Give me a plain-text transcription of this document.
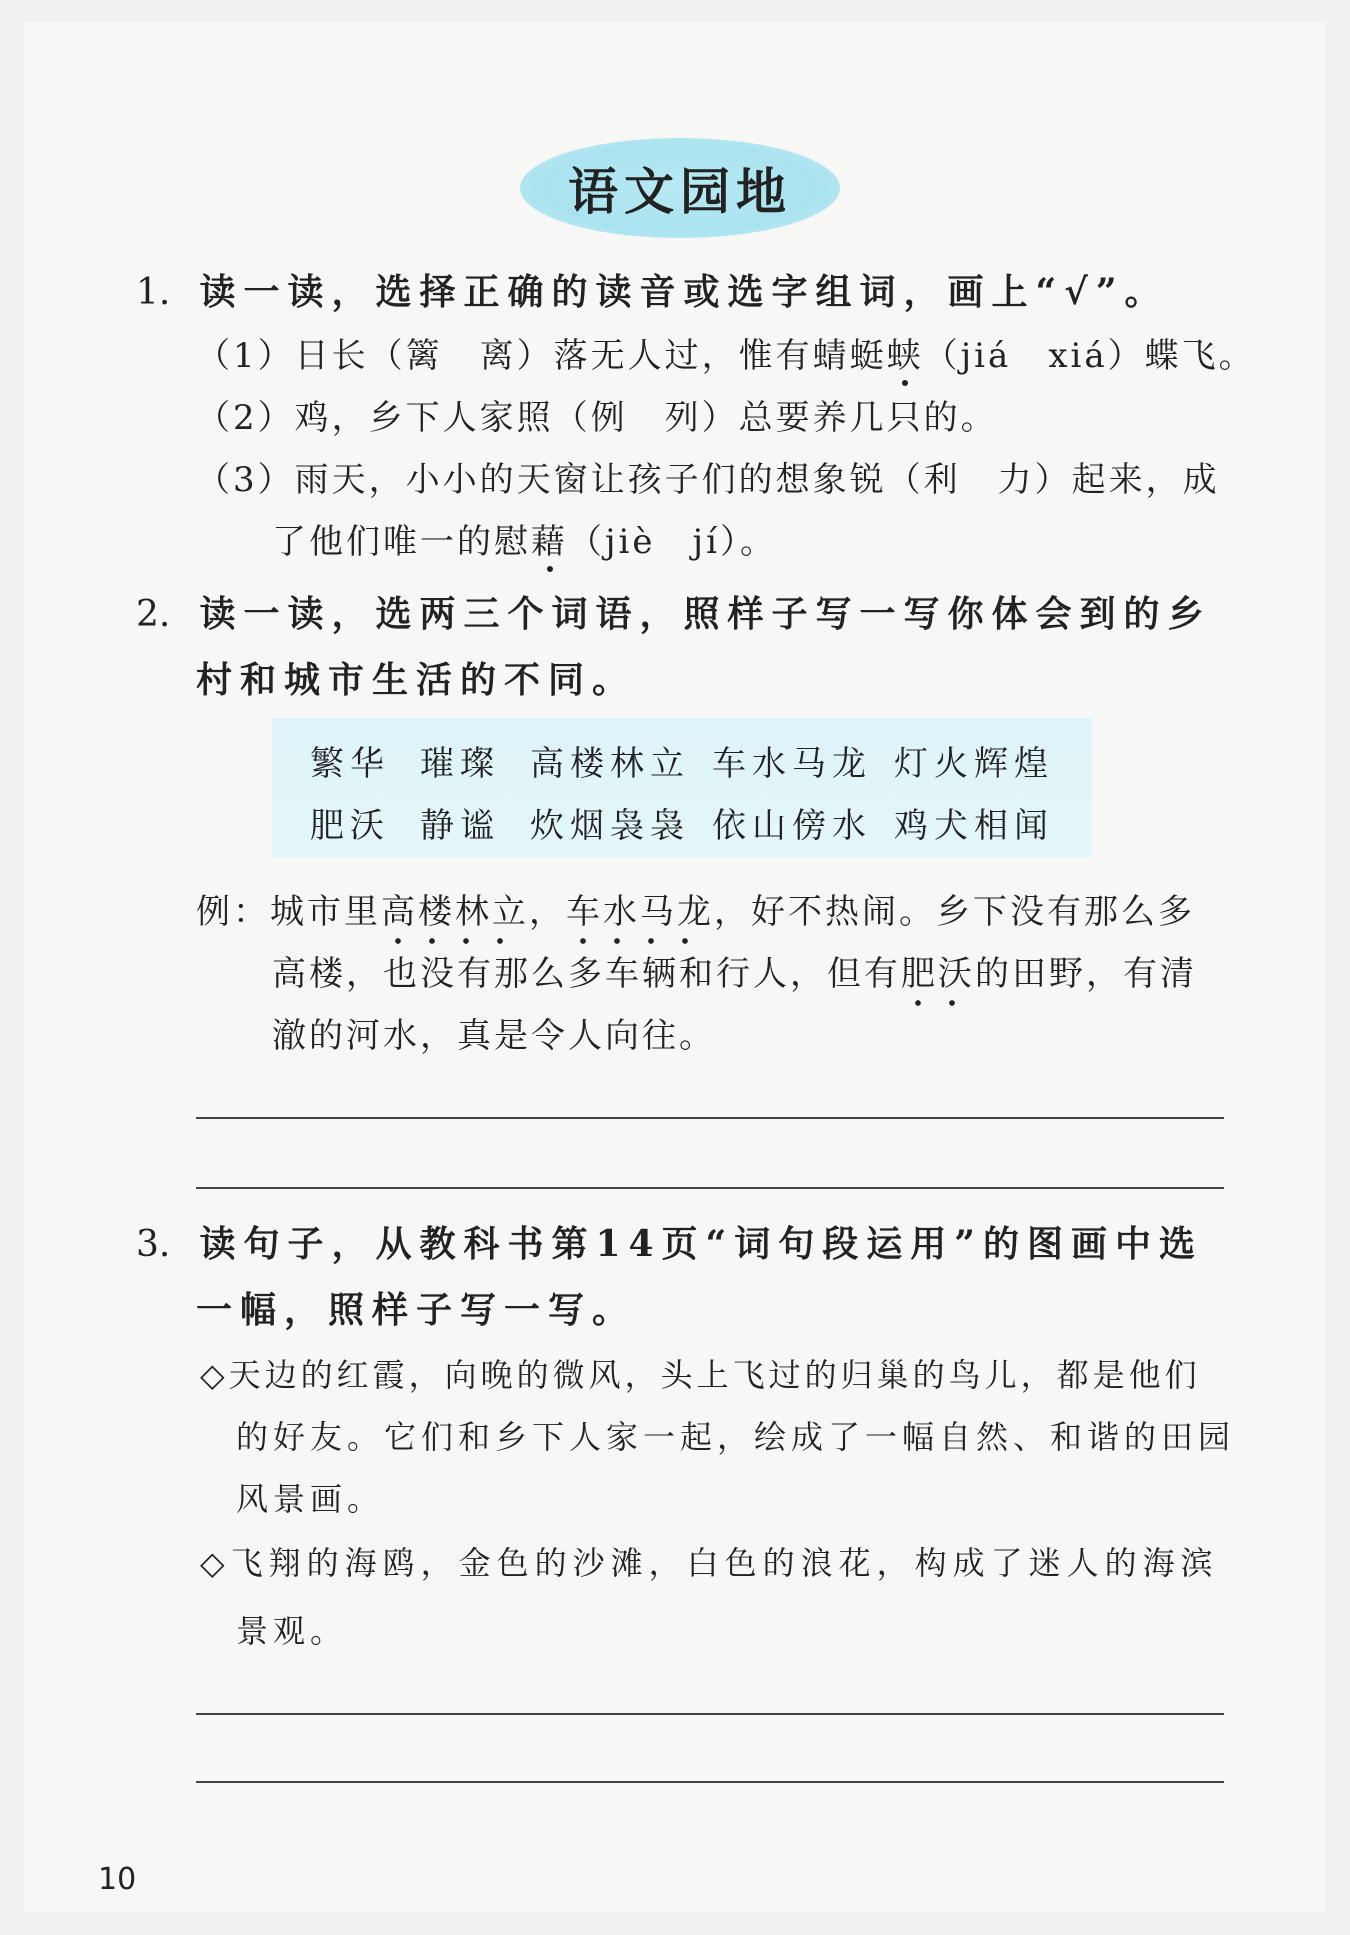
语文园地
1. 读一读，选择正确的读音或选字组词，画上“√”。
（1）日长（篱　离）落无人过，惟有蜻蜓蛱（jiá　xiá）蝶飞。
（2）鸡，乡下人家照（例　列）总要养几只的。
（3）雨天，小小的天窗让孩子们的想象锐（利　力）起来，成
了他们唯一的慰藉（jiè　jí）。
2. 读一读，选两三个词语，照样子写一写你体会到的乡
村和城市生活的不同。
繁华 璀璨 高楼林立 车水马龙 灯火辉煌
肥沃 静谧 炊烟袅袅 依山傍水 鸡犬相闻
例：城市里高楼林立，车水马龙，好不热闹。乡下没有那么多
高楼，也没有那么多车辆和行人，但有肥沃的田野，有清
澈的河水，真是令人向往。
3. 读句子，从教科书第14页“词句段运用”的图画中选
一幅，照样子写一写。
◇天边的红霞，向晚的微风，头上飞过的归巢的鸟儿，都是他们
的好友。它们和乡下人家一起，绘成了一幅自然、和谐的田园
风景画。
◇飞翔的海鸥，金色的沙滩，白色的浪花，构成了迷人的海滨
景观。
10
